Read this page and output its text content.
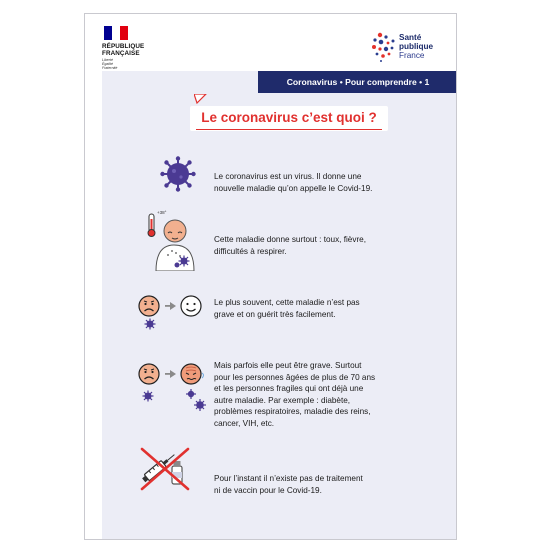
RÉPUBLIQUE
FRANÇAISE
Liberté
Égalité
Fraternité
Santé
publique
France
Coronavirus • Pour comprendre • 1
Le coronavirus c’est quoi ?
Le coronavirus est un virus. Il donne une
nouvelle maladie qu’on appelle le Covid-19.
+38°
Cette maladie donne surtout : toux, fièvre,
difficultés à respirer.
Le plus souvent, cette maladie n’est pas
grave et on guérit très facilement.
Mais parfois elle peut être grave. Surtout
pour les personnes âgées de plus de 70 ans
et les personnes fragiles qui ont déjà une
autre maladie. Par exemple : diabète,
problèmes respiratoires, maladie des reins,
cancer, VIH, etc.
Pour l’instant il n’existe pas de traitement
ni de vaccin pour le Covid-19.
